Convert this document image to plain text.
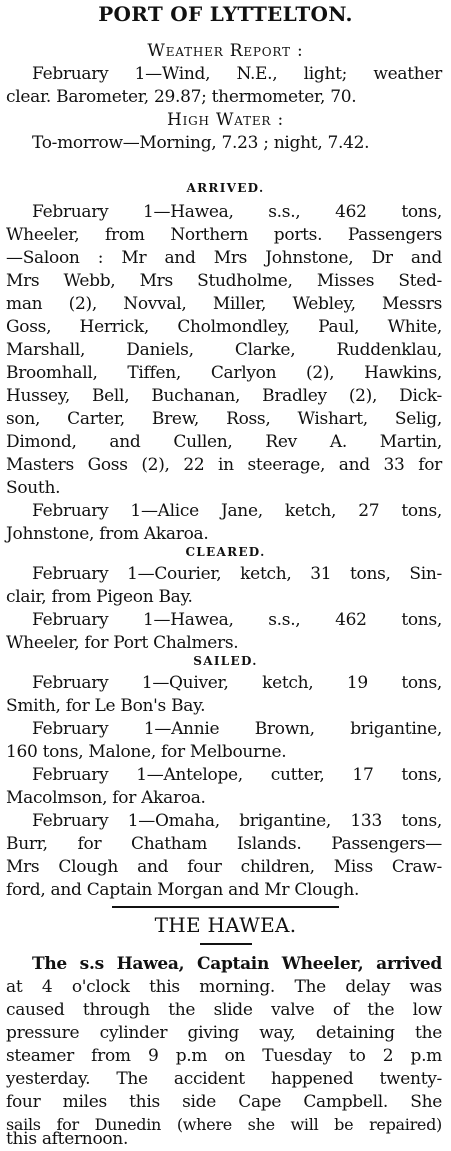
PORT OF LYTTELTON.
Weather Report :
February 1—Wind, N.E., light; weather
clear. Barometer, 29.87; thermometer, 70.
High Water :
To-morrow—Morning, 7.23 ; night, 7.42.
ARRIVED.
February 1—Hawea, s.s., 462 tons,
Wheeler, from Northern ports. Passengers
—Saloon : Mr and Mrs Johnstone, Dr and
Mrs Webb, Mrs Studholme, Misses Sted-
man (2), Novval, Miller, Webley, Messrs
Goss, Herrick, Cholmondley, Paul, White,
Marshall, Daniels, Clarke, Ruddenklau,
Broomhall, Tiffen, Carlyon (2), Hawkins,
Hussey, Bell, Buchanan, Bradley (2), Dick-
son, Carter, Brew, Ross, Wishart, Selig,
Dimond, and Cullen, Rev A. Martin,
Masters Goss (2), 22 in steerage, and 33 for
South.
February 1—Alice Jane, ketch, 27 tons,
Johnstone, from Akaroa.
CLEARED.
February 1—Courier, ketch, 31 tons, Sin-
clair, from Pigeon Bay.
February 1—Hawea, s.s., 462 tons,
Wheeler, for Port Chalmers.
SAILED.
February 1—Quiver, ketch, 19 tons,
Smith, for Le Bon's Bay.
February 1—Annie Brown, brigantine,
160 tons, Malone, for Melbourne.
February 1—Antelope, cutter, 17 tons,
Macolmson, for Akaroa.
February 1—Omaha, brigantine, 133 tons,
Burr, for Chatham Islands. Passengers—
Mrs Clough and four children, Miss Craw-
ford, and Captain Morgan and Mr Clough.
THE HAWEA.
The s.s Hawea, Captain Wheeler, arrived
at 4 o'clock this morning. The delay was
caused through the slide valve of the low
pressure cylinder giving way, detaining the
steamer from 9 p.m on Tuesday to 2 p.m
yesterday. The accident happened twenty-
four miles this side Cape Campbell. She
sails for Dunedin (where she will be repaired)
this afternoon.
